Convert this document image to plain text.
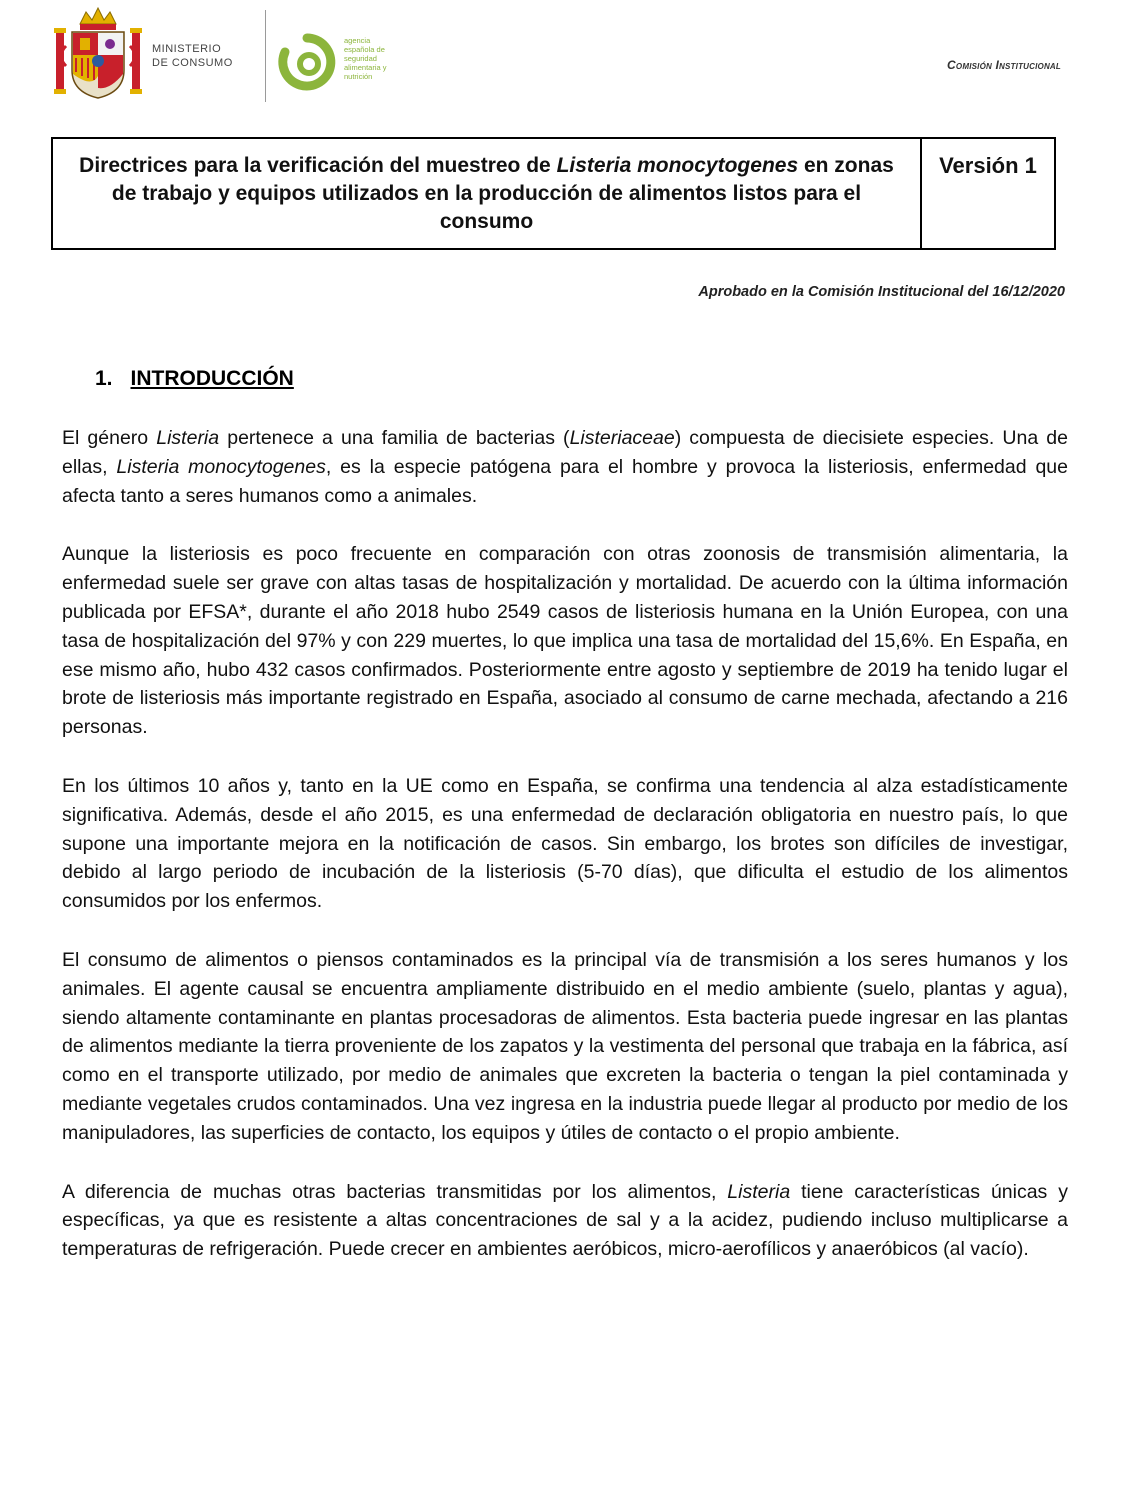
MINISTERIO
DE CONSUMO
agencia
española de
seguridad
alimentaria y
nutrición
Comisión Institucional
Directrices para la verificación del muestreo de Listeria monocytogenes en zonas de trabajo y equipos utilizados en la producción de alimentos listos para el consumo
Versión 1
Aprobado en la Comisión Institucional del 16/12/2020
1. INTRODUCCIÓN

El género Listeria pertenece a una familia de bacterias (Listeriaceae) compuesta de diecisiete especies. Una de ellas, Listeria monocytogenes, es la especie patógena para el hombre y provoca la listeriosis, enfermedad que afecta tanto a seres humanos como a animales.

Aunque la listeriosis es poco frecuente en comparación con otras zoonosis de transmisión alimentaria, la enfermedad suele ser grave con altas tasas de hospitalización y mortalidad. De acuerdo con la última información publicada por EFSA*, durante el año 2018 hubo 2549 casos de listeriosis humana en la Unión Europea, con una tasa de hospitalización del 97% y con 229 muertes, lo que implica una tasa de mortalidad del 15,6%. En España, en ese mismo año, hubo 432 casos confirmados. Posteriormente entre agosto y septiembre de 2019 ha tenido lugar el brote de listeriosis más importante registrado en España, asociado al consumo de carne mechada, afectando a 216 personas.

En los últimos 10 años y, tanto en la UE como en España, se confirma una tendencia al alza estadísticamente significativa. Además, desde el año 2015, es una enfermedad de declaración obligatoria en nuestro país, lo que supone una importante mejora en la notificación de casos. Sin embargo, los brotes son difíciles de investigar, debido al largo periodo de incubación de la listeriosis (5-70 días), que dificulta el estudio de los alimentos consumidos por los enfermos.

El consumo de alimentos o piensos contaminados es la principal vía de transmisión a los seres humanos y los animales. El agente causal se encuentra ampliamente distribuido en el medio ambiente (suelo, plantas y agua), siendo altamente contaminante en plantas procesadoras de alimentos. Esta bacteria puede ingresar en las plantas de alimentos mediante la tierra proveniente de los zapatos y la vestimenta del personal que trabaja en la fábrica, así como en el transporte utilizado, por medio de animales que excreten la bacteria o tengan la piel contaminada y mediante vegetales crudos contaminados. Una vez ingresa en la industria puede llegar al producto por medio de los manipuladores, las superficies de contacto, los equipos y útiles de contacto o el propio ambiente.

A diferencia de muchas otras bacterias transmitidas por los alimentos, Listeria tiene características únicas y específicas, ya que es resistente a altas concentraciones de sal y a la acidez, pudiendo incluso multiplicarse a temperaturas de refrigeración. Puede crecer en ambientes aeróbicos, micro-aerofílicos y anaeróbicos (al vacío).
